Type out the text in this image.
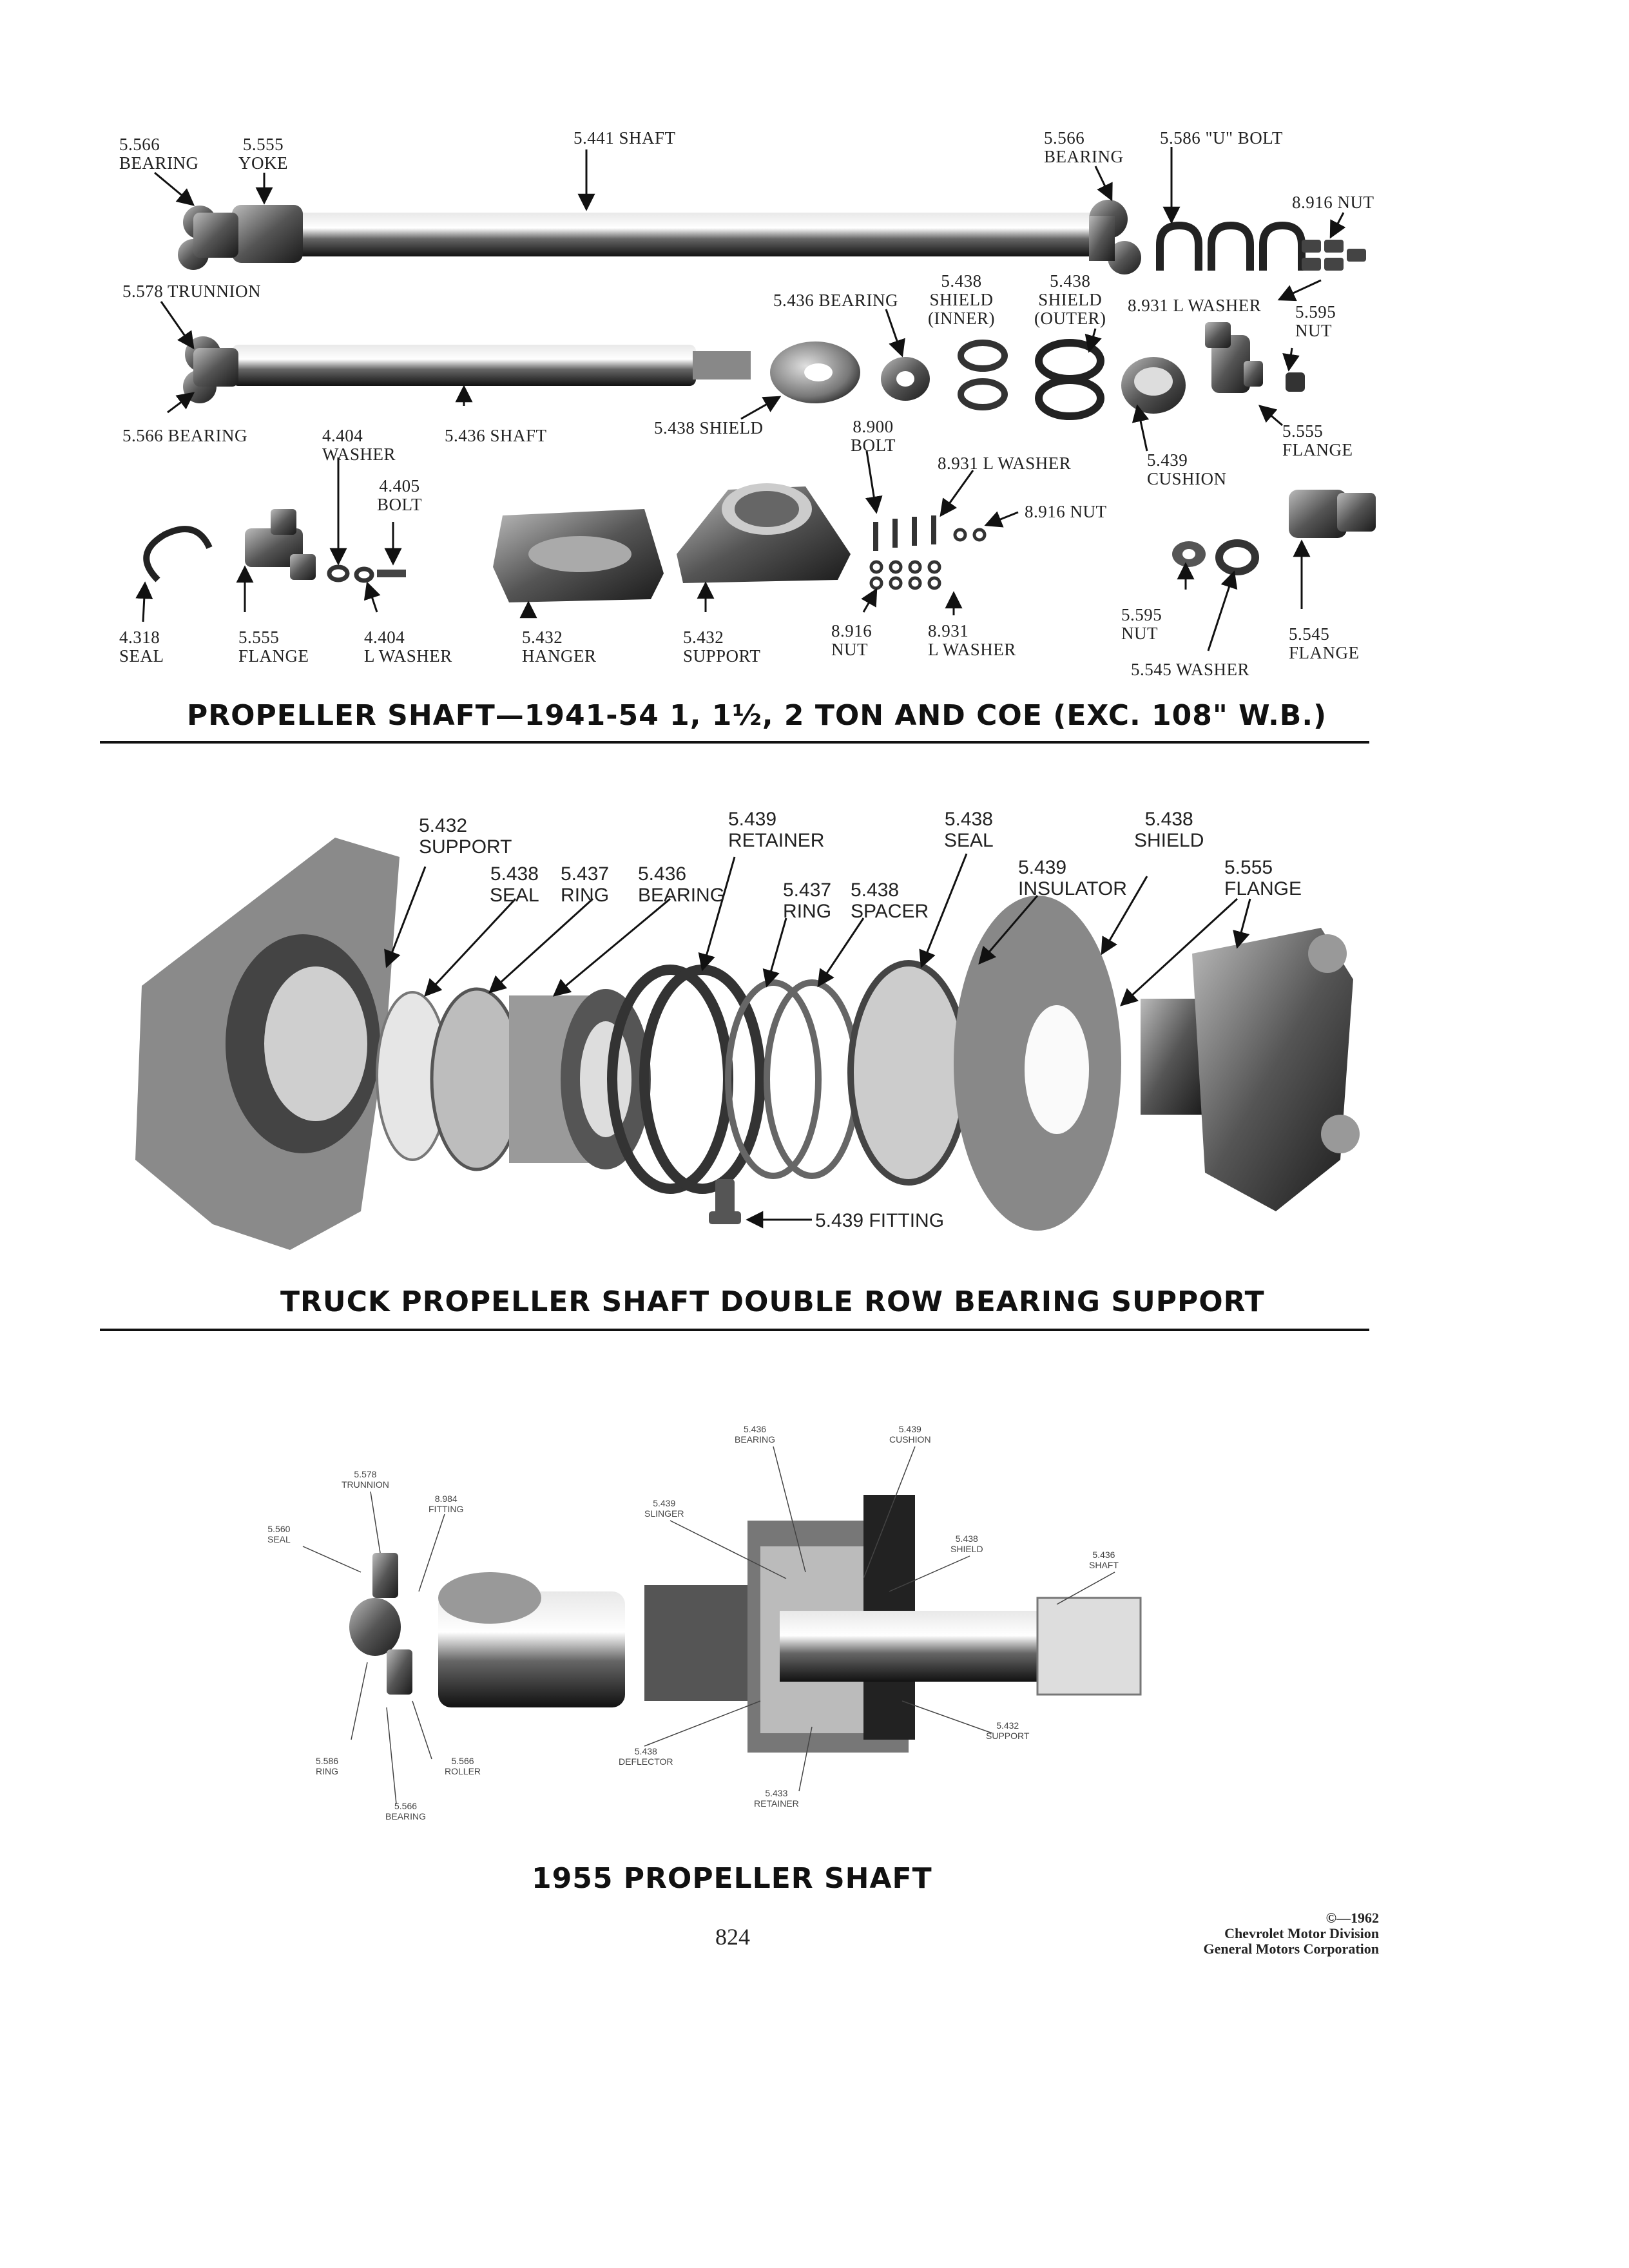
5.566
BEARING
5.555
YOKE
5.441 SHAFT	5.566
BEARING
5.586 "U" BOLT
8.916 NUT
5.578 TRUNNION	5.436 BEARING
5.438
SHIELD
(INNER)
5.438
SHIELD
(OUTER)
8.931 L WASHER 5.595
NUT
5.566 BEARING	4.404
WASHER
5.436 SHAFT	5.438 SHIELD	8.900
BOLT
8.931 L WASHER	5.439
CUSHION
5.555
FLANGE
4.405
BOLT	8.916 NUT
4.318
SEAL
5.555
FLANGE
4.404
L WASHER
5.432
HANGER
5.432
SUPPORT
8.916
NUT
8.931
L WASHER
5.595
NUT
5.545 WASHER
5.545
FLANGE
PROPELLER SHAFT—1941-54 1, 1½, 2 TON AND COE (EXC. 108" W.B.)
5.432
SUPPORT
5.438
SEAL
5.437
RING
5.436
BEARING
5.439
RETAINER
5.437
RING
5.438
SPACER
5.438
SEAL
5.439
INSULATOR
5.438
SHIELD
5.555
FLANGE
5.439 FITTING
TRUCK PROPELLER SHAFT DOUBLE ROW BEARING SUPPORT
5.436
BEARING
5.439
CUSHION
5.578
TRUNNION
8.984
FITTING
5.439
SLINGER
5.560
SEAL	5.438
SHIELD
5.436
SHAFT
5.432
SUPPORT
5.438
DEFLECTOR
5.586
RING
5.566
ROLLER
5.566
BEARING
5.433
RETAINER
1955 PROPELLER SHAFT
824
©—1962
Chevrolet Motor Division
General Motors Corporation
